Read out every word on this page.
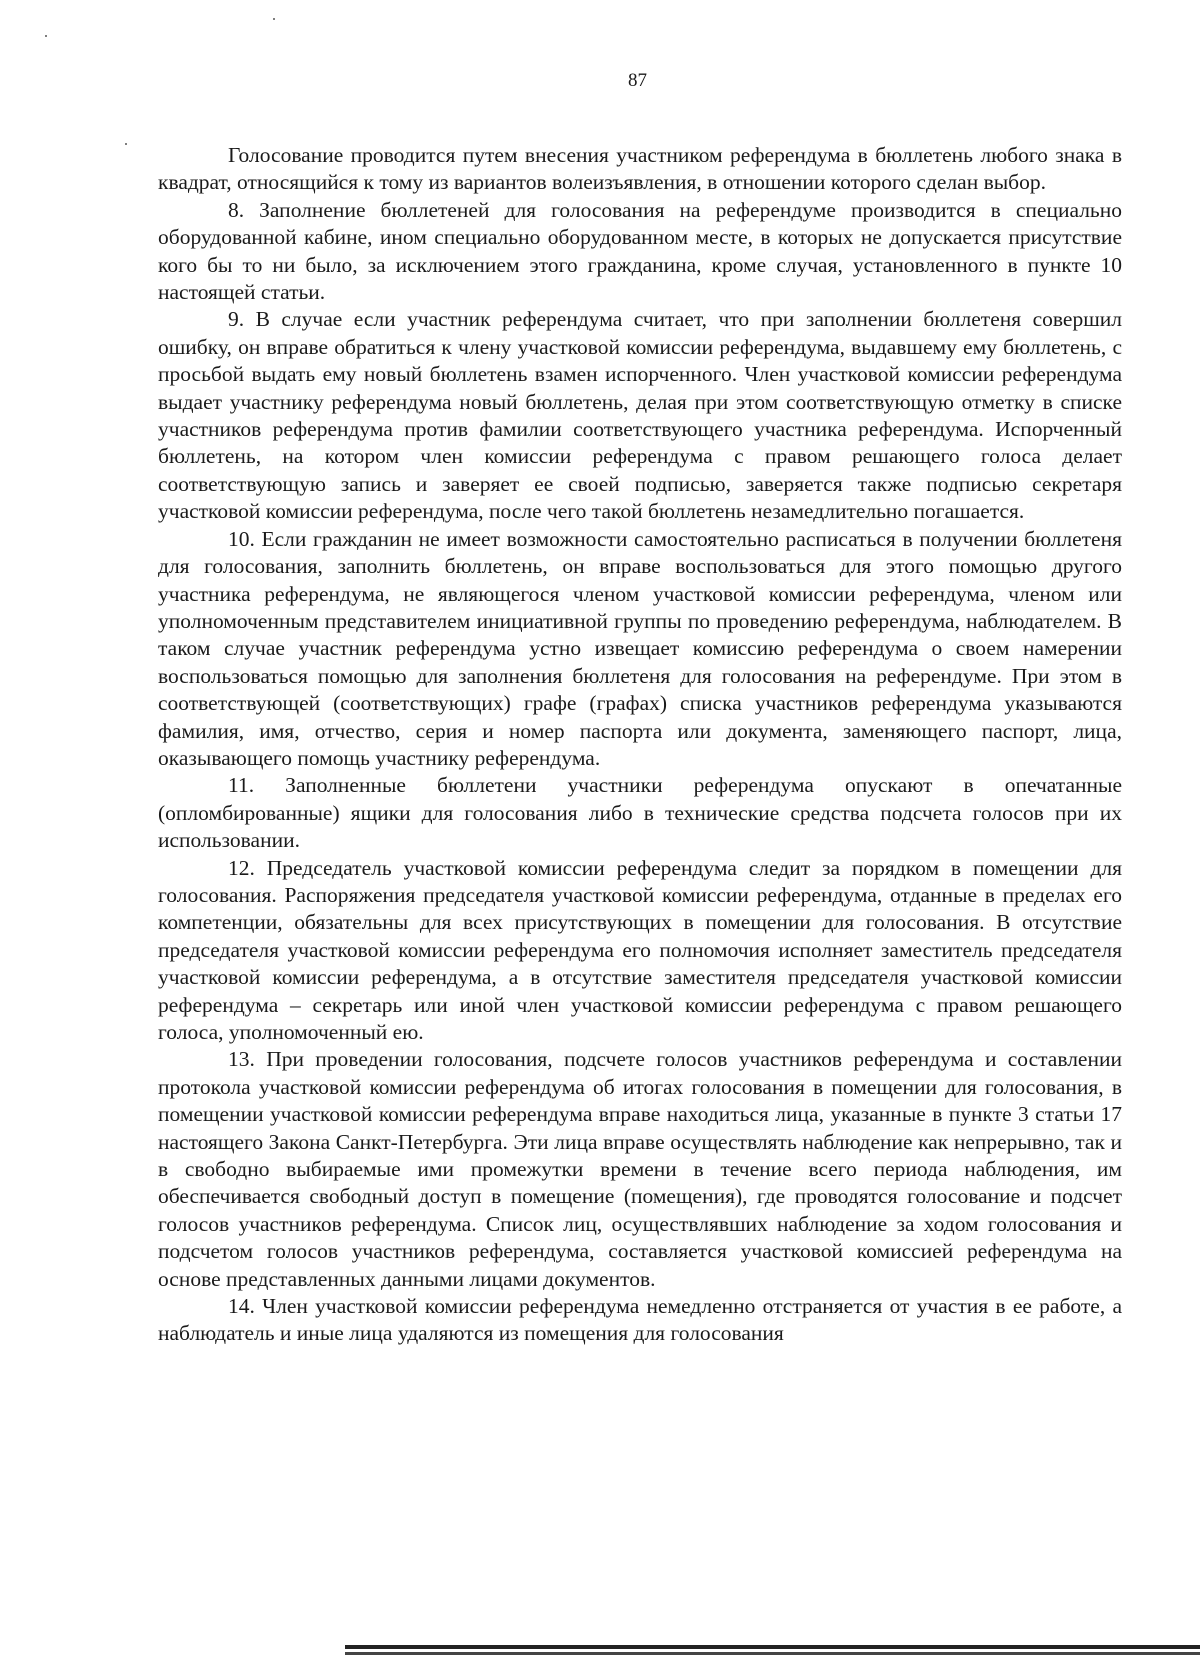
87

Голосование проводится путем внесения участником референдума в бюллетень любого знака в квадрат, относящийся к тому из вариантов волеизъявления, в отношении которого сделан выбор.

8. Заполнение бюллетеней для голосования на референдуме производится в специально оборудованной кабине, ином специально оборудованном месте, в которых не допускается присутствие кого бы то ни было, за исключением этого гражданина, кроме случая, установленного в пункте 10 настоящей статьи.

9. В случае если участник референдума считает, что при заполнении бюллетеня совершил ошибку, он вправе обратиться к члену участковой комиссии референдума, выдавшему ему бюллетень, с просьбой выдать ему новый бюллетень взамен испорченного. Член участковой комиссии референдума выдает участнику референдума новый бюллетень, делая при этом соответствующую отметку в списке участников референдума против фамилии соответствующего участника референдума. Испорченный бюллетень, на котором член комиссии референдума с правом решающего голоса делает соответствующую запись и заверяет ее своей подписью, заверяется также подписью секретаря участковой комиссии референдума, после чего такой бюллетень незамедлительно погашается.

10. Если гражданин не имеет возможности самостоятельно расписаться в получении бюллетеня для голосования, заполнить бюллетень, он вправе воспользоваться для этого помощью другого участника референдума, не являющегося членом участковой комиссии референдума, членом или уполномоченным представителем инициативной группы по проведению референдума, наблюдателем. В таком случае участник референдума устно извещает комиссию референдума о своем намерении воспользоваться помощью для заполнения бюллетеня для голосования на референдуме. При этом в соответствующей (соответствующих) графе (графах) списка участников референдума указываются фамилия, имя, отчество, серия и номер паспорта или документа, заменяющего паспорт, лица, оказывающего помощь участнику референдума.

11. Заполненные бюллетени участники референдума опускают в опечатанные (опломбированные) ящики для голосования либо в технические средства подсчета голосов при их использовании.

12. Председатель участковой комиссии референдума следит за порядком в помещении для голосования. Распоряжения председателя участковой комиссии референдума, отданные в пределах его компетенции, обязательны для всех присутствующих в помещении для голосования. В отсутствие председателя участковой комиссии референдума его полномочия исполняет заместитель председателя участковой комиссии референдума, а в отсутствие заместителя председателя участковой комиссии референдума – секретарь или иной член участковой комиссии референдума с правом решающего голоса, уполномоченный ею.

13. При проведении голосования, подсчете голосов участников референдума и составлении протокола участковой комиссии референдума об итогах голосования в помещении для голосования, в помещении участковой комиссии референдума вправе находиться лица, указанные в пункте 3 статьи 17 настоящего Закона Санкт-Петербурга. Эти лица вправе осуществлять наблюдение как непрерывно, так и в свободно выбираемые ими промежутки времени в течение всего периода наблюдения, им обеспечивается свободный доступ в помещение (помещения), где проводятся голосование и подсчет голосов участников референдума. Список лиц, осуществлявших наблюдение за ходом голосования и подсчетом голосов участников референдума, составляется участковой комиссией референдума на основе представленных данными лицами документов.

14. Член участковой комиссии референдума немедленно отстраняется от участия в ее работе, а наблюдатель и иные лица удаляются из помещения для голосования
